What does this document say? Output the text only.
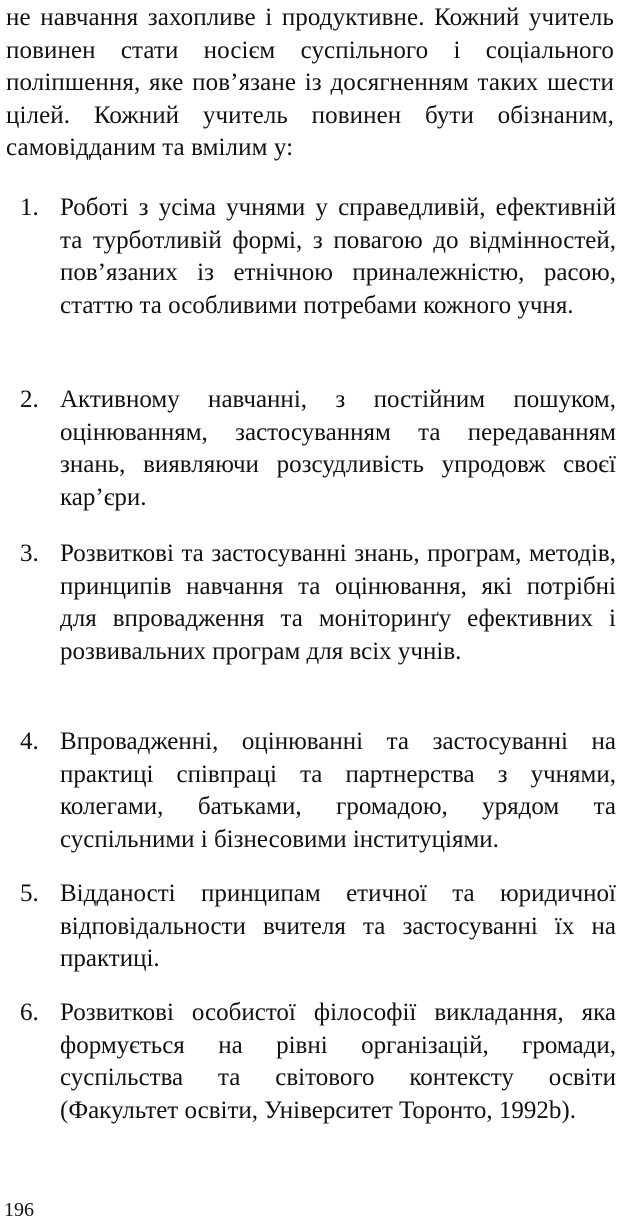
не навчання захопливе і продуктивне. Кожний учитель повинен стати носієм суспільного і соціального поліпшення, яке пов’язане із досягненням таких шести цілей. Кожний учитель повинен бути обізнаним, самовідданим та вмілим у:

1. Роботі з усіма учнями у справедливій, ефективній та турботливій формі, з повагою до відмінностей, пов’язаних із етнічною приналежністю, расою, статтю та особливими потребами кожного учня.
2. Активному навчанні, з постійним пошуком, оцінюванням, застосуванням та передаванням знань, виявляючи розсудливість упродовж своєї кар’єри.
3. Розвиткові та застосуванні знань, програм, методів, принципів навчання та оцінювання, які потрібні для впровадження та моніторинґу ефективних і розвивальних програм для всіх учнів.
4. Впровадженні, оцінюванні та застосуванні на практиці співпраці та партнерства з учнями, колегами, батьками, громадою, урядом та суспільними і бізнесовими інституціями.
5. Відданості принципам етичної та юридичної відповідальности вчителя та застосуванні їх на практиці.
6. Розвиткові особистої філософії викладання, яка формується на рівні організацій, громади, суспільства та світового контексту освіти (Факультет освіти, Університет Торонто, 1992b).

196
